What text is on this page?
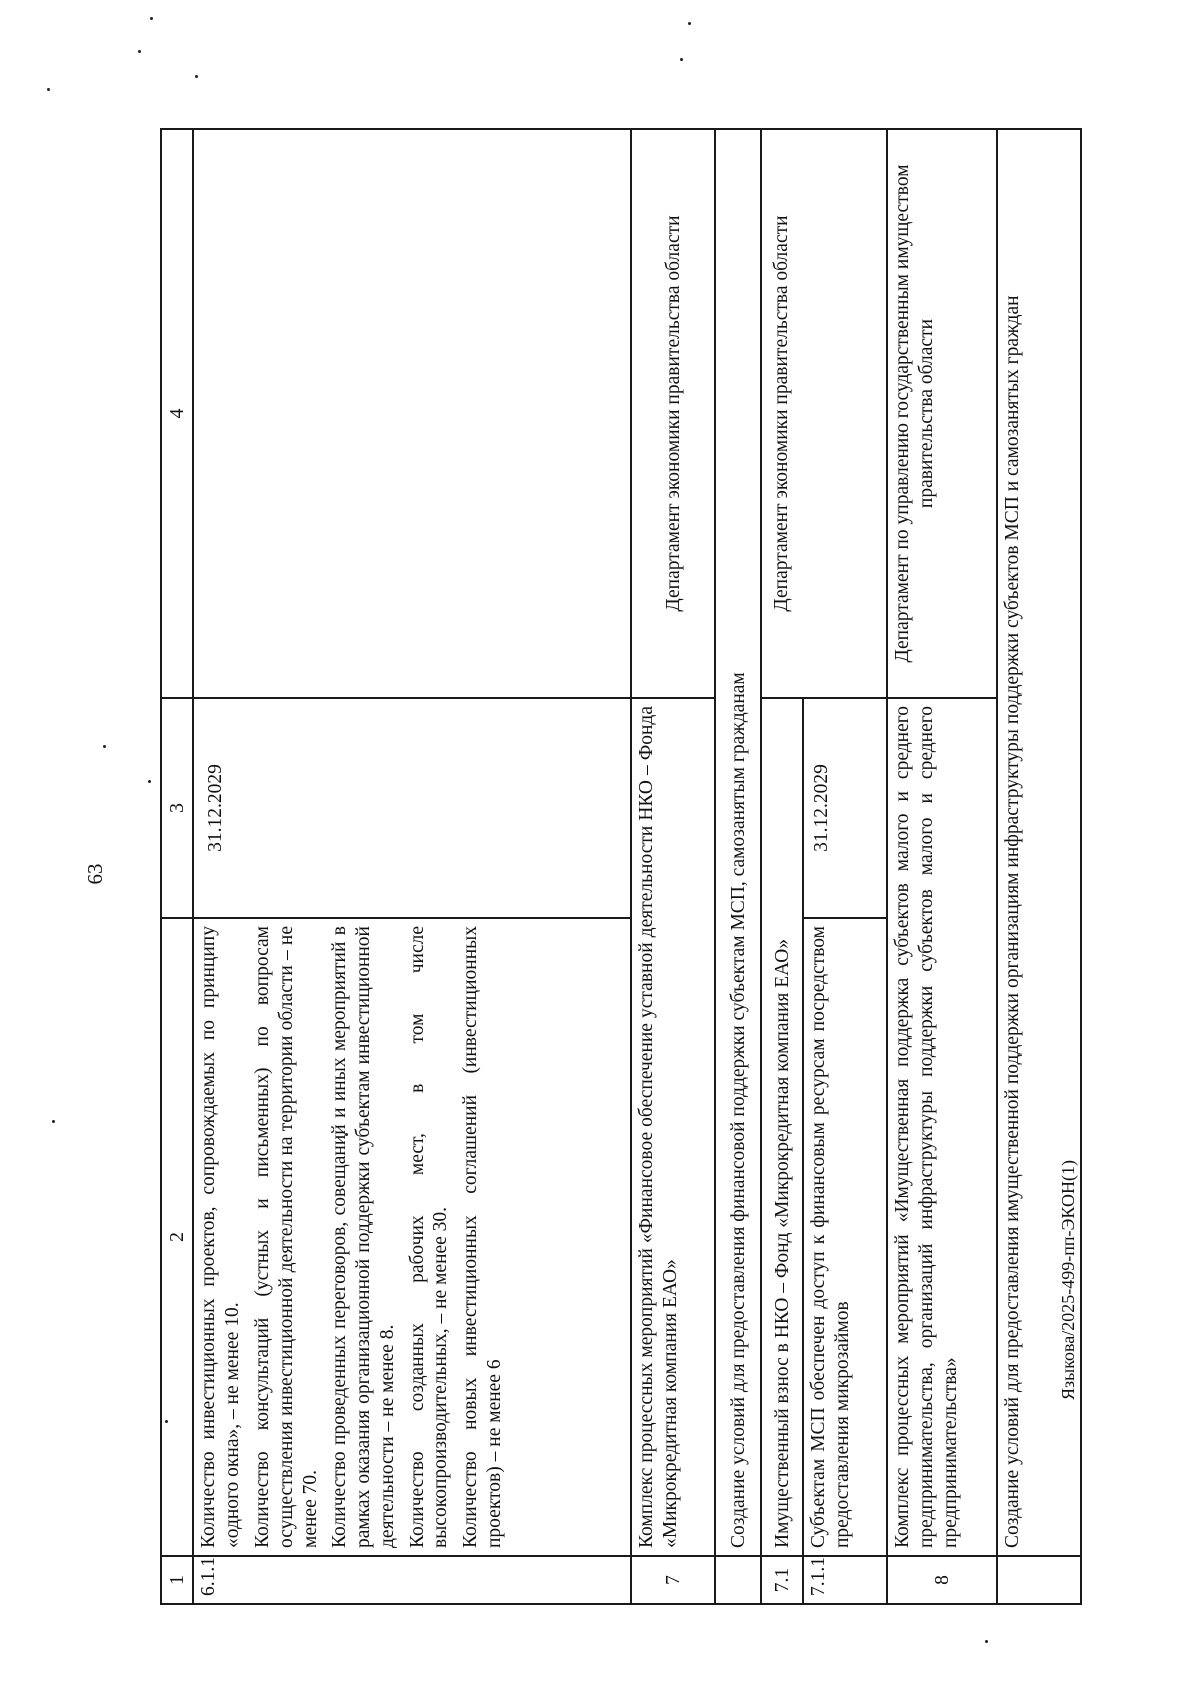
63
1	2	3	4
6.1.1	Количество инвестиционных проектов, сопровождаемых по принципу «одного окна», – не менее 10. Количество консультаций (устных и письменных) по вопросам осуществления инвестиционной деятельности на территории области – не менее 70. Количество проведенных переговоров, совещаний и иных мероприятий в рамках оказания организационной поддержки субъектам инвестиционной деятельности – не менее 8. Количество созданных рабочих мест, в том числе высокопроизводительных, – не менее 30. Количество новых инвестиционных соглашений (инвестиционных проектов) – не менее 6	31.12.2029	
7	Комплекс процессных мероприятий «Финансовое обеспечение уставной деятельности НКО – Фонда «Микрокредитная компания ЕАО»		Департамент экономики правительства области
	Создание условий для предоставления финансовой поддержки субъектам МСП, самозанятым гражданам		
7.1	Имущественный взнос в НКО – Фонд «Микрокредитная компания ЕАО»		Департамент экономики правительства области
7.1.1	Субъектам МСП обеспечен доступ к финансовым ресурсам посредством предоставления микрозаймов	31.12.2029	
8	Комплекс процессных мероприятий «Имущественная поддержка субъектов малого и среднего предпринимательства, организаций инфраструктуры поддержки субъектов малого и среднего предпринимательства»		Департамент по управлению государственным имуществом правительства области
	Создание условий для предоставления имущественной поддержки организациям инфраструктуры поддержки субъектов МСП и самозанятых граждан		Языкова/2025-499-пп-ЭКОН(1)
